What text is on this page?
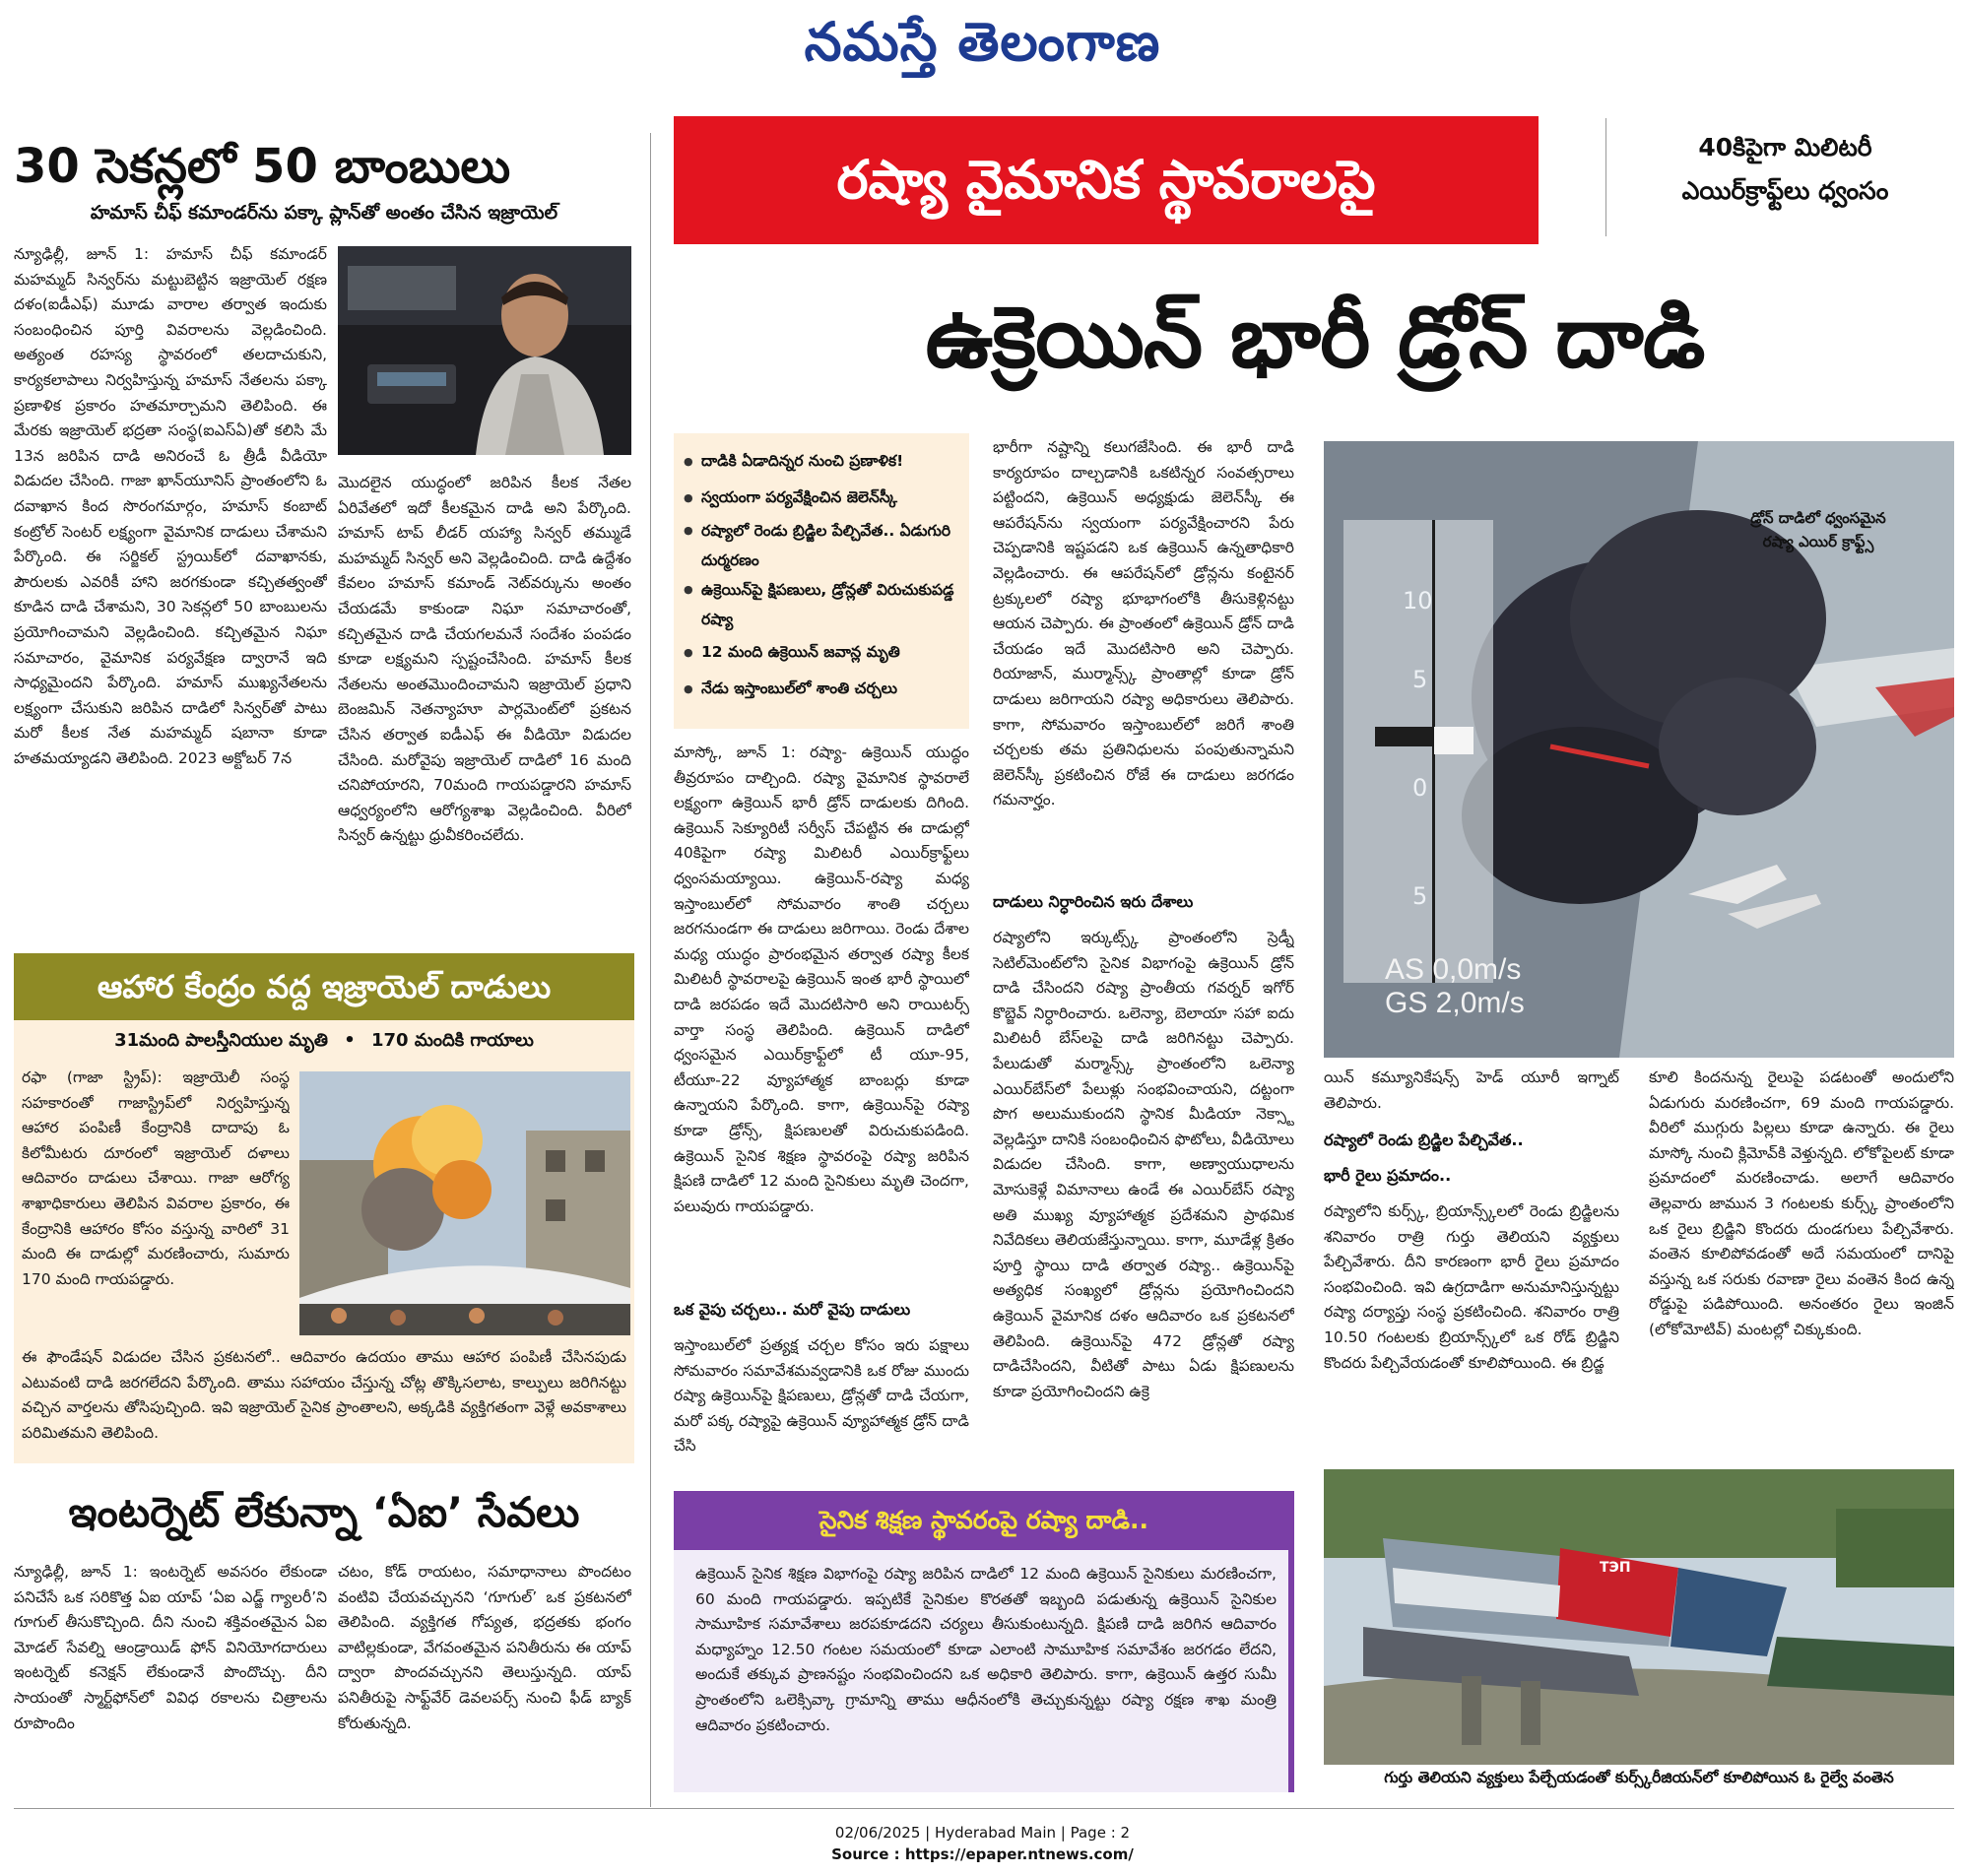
నమస్తే తెలంగాణ
30 సెకన్లలో 50 బాంబులు
హమాస్ చీఫ్ కమాండర్‌ను పక్కా ప్లాన్‌తో అంతం చేసిన ఇజ్రాయెల్
న్యూఢిల్లీ, జూన్ 1: హమాస్ చీఫ్ కమాండర్ మహమ్మద్ సిన్వర్‌ను మట్టుబెట్టిన ఇజ్రాయెల్ రక్షణ దళం(ఐడీఎఫ్) మూడు వారాల తర్వాత ఇందుకు సంబంధించిన పూర్తి వివరాలను వెల్లడించింది. అత్యంత రహస్య స్థావరంలో తలదాచుకుని, కార్యకలాపాలు నిర్వహిస్తున్న హమాస్ నేతలను పక్కా ప్రణాళిక ప్రకారం హతమార్చామని తెలిపింది. ఈ మేరకు ఇజ్రాయెల్ భద్రతా సంస్థ(ఐఎస్ఏ)తో కలిసి మే 13న జరిపిన దాడి అనిరంచే ఓ త్రీడీ వీడియో విడుదల చేసింది. గాజా ఖాన్‌యూనిస్ ప్రాంతంలోని ఓ దవాఖాన కింద సొరంగమార్గం, హమాస్ కంబాట్ కంట్రోల్ సెంటర్ లక్ష్యంగా వైమానిక దాడులు చేశామని పేర్కొంది. ఈ సర్జికల్ స్ట్రయిక్‌లో దవాఖానకు, పౌరులకు ఎవరికీ హాని జరగకుండా కచ్చితత్వంతో కూడిన దాడి చేశామని, 30 సెకన్లలో 50 బాంబులను ప్రయోగించామని వెల్లడించింది. కచ్చితమైన నిఘా సమాచారం, వైమానిక పర్యవేక్షణ ద్వారానే ఇది సాధ్యమైందని పేర్కొంది. హమాస్ ముఖ్యనేతలను లక్ష్యంగా చేసుకుని జరిపిన దాడిలో సిన్వర్‌తో పాటు మరో కీలక నేత మహమ్మద్ షబానా కూడా హతమయ్యాడని తెలిపింది. 2023 అక్టోబర్ 7న
మొదలైన యుద్ధంలో జరిపిన కీలక నేతల ఏరివేతలో ఇదో కీలకమైన దాడి అని పేర్కొంది. హమాస్ టాప్ లీడర్ యహ్యా సిన్వర్ తమ్ముడే మహమ్మద్ సిన్వర్ అని వెల్లడించింది. దాడి ఉద్దేశం కేవలం హమాస్ కమాండ్ నెట్‌వర్కును అంతం చేయడమే కాకుండా నిఘా సమాచారంతో, కచ్చితమైన దాడి చేయగలమనే సందేశం పంపడం కూడా లక్ష్యమని స్పష్టంచేసింది. హమాస్ కీలక నేతలను అంతమొందించామని ఇజ్రాయెల్ ప్రధాని బెంజమిన్ నెతన్యాహూ పార్లమెంట్‌లో ప్రకటన చేసిన తర్వాత ఐడీఎఫ్ ఈ వీడియో విడుదల చేసింది. మరోవైపు ఇజ్రాయెల్ దాడిలో 16 మంది చనిపోయారని, 70మంది గాయపడ్డారని హమాస్ ఆధ్వర్యంలోని ఆరోగ్యశాఖ వెల్లడించింది. వీరిలో సిన్వర్ ఉన్నట్టు ధ్రువీకరించలేదు.
ఆహార కేంద్రం వద్ద ఇజ్రాయెల్ దాడులు
31మంది పాలస్తీనియుల మృతి • 170 మందికి గాయాలు
రఫా (గాజా స్ట్రిప్): ఇజ్రాయెలీ సంస్థ సహకారంతో గాజాస్ట్రిప్‌లో నిర్వహిస్తున్న ఆహార పంపిణీ కేంద్రానికి దాదాపు ఓ కిలోమీటరు దూరంలో ఇజ్రాయెల్ దళాలు ఆదివారం దాడులు చేశాయి. గాజా ఆరోగ్య శాఖాధికారులు తెలిపిన వివరాల ప్రకారం, ఈ కేంద్రానికి ఆహారం కోసం వస్తున్న వారిలో 31 మంది ఈ దాడుల్లో మరణించారు, సుమారు 170 మంది గాయపడ్డారు.
ఈ ఫౌండేషన్ విడుదల చేసిన ప్రకటనలో.. ఆదివారం ఉదయం తాము ఆహార పంపిణీ చేసినపుడు ఎటువంటి దాడి జరగలేదని పేర్కొంది. తాము సహాయం చేస్తున్న చోట్ల తొక్కిసలాట, కాల్పులు జరిగినట్టు వచ్చిన వార్తలను తోసిపుచ్చింది. ఇవి ఇజ్రాయెల్ సైనిక ప్రాంతాలని, అక్కడికి వ్యక్తిగతంగా వెళ్లే అవకాశాలు పరిమితమని తెలిపింది.
ఇంటర్నెట్ లేకున్నా ‘ఏఐ’ సేవలు
న్యూఢిల్లీ, జూన్ 1: ఇంటర్నెట్ అవసరం లేకుండా పనిచేసే ఒక సరికొత్త ఏఐ యాప్ ‘ఏఐ ఎడ్జ్ గ్యాలరీ’ని గూగుల్ తీసుకొచ్చింది. దీని నుంచి శక్తివంతమైన ఏఐ మోడల్ సేవల్ని ఆండ్రాయిడ్ ఫోన్ వినియోగదారులు ఇంటర్నెట్ కనెక్షన్ లేకుండానే పొందొచ్చు. దీని సాయంతో స్మార్ట్‌ఫోన్‌లో వివిధ రకాలను చిత్రాలను రూపొందిం
చటం, కోడ్ రాయటం, సమాధానాలు పొందటం వంటివి చేయవచ్చునని ‘గూగుల్’ ఒక ప్రకటనలో తెలిపింది. వ్యక్తిగత గోప్యత, భద్రతకు భంగం వాటిల్లకుండా, వేగవంతమైన పనితీరును ఈ యాప్ ద్వారా పొందవచ్చునని తెలుస్తున్నది. యాప్ పనితీరుపై సాఫ్ట్‌వేర్ డెవలపర్స్ నుంచి ఫీడ్ బ్యాక్ కోరుతున్నది.
రష్యా వైమానిక స్థావరాలపై
40కిపైగా మిలిటరీ
ఎయిర్‌క్రాఫ్ట్‌లు ధ్వంసం
ఉక్రెయిన్ భారీ డ్రోన్ దాడి
● దాడికి ఏడాదిన్నర నుంచి ప్రణాళిక!
● స్వయంగా పర్యవేక్షించిన జెలెన్‌స్కీ
● రష్యాలో రెండు బ్రిడ్జిల పేల్చివేత.. ఏడుగురి దుర్మరణం
● ఉక్రెయిన్‌పై క్షిపణులు, డ్రోన్లతో విరుచుకుపడ్డ రష్యా
● 12 మంది ఉక్రెయిన్ జవాన్ల మృతి
● నేడు ఇస్తాంబుల్‌లో శాంతి చర్చలు
మాస్కో, జూన్ 1: రష్యా- ఉక్రెయిన్ యుద్ధం తీవ్రరూపం దాల్చింది. రష్యా వైమానిక స్థావరాలే లక్ష్యంగా ఉక్రెయిన్ భారీ డ్రోన్ దాడులకు దిగింది. ఉక్రెయిన్ సెక్యూరిటీ సర్వీస్ చేపట్టిన ఈ దాడుల్లో 40కిపైగా రష్యా మిలిటరీ ఎయిర్‌క్రాఫ్ట్‌లు ధ్వంసమయ్యాయి. ఉక్రెయిన్-రష్యా మధ్య ఇస్తాంబుల్‌లో సోమవారం శాంతి చర్చలు జరగనుండగా ఈ దాడులు జరిగాయి. రెండు దేశాల మధ్య యుద్ధం ప్రారంభమైన తర్వాత రష్యా కీలక మిలిటరీ స్థావరాలపై ఉక్రెయిన్ ఇంత భారీ స్థాయిలో దాడి జరపడం ఇదే మొదటిసారి అని రాయిటర్స్ వార్తా సంస్థ తెలిపింది. ఉక్రెయిన్ దాడిలో ధ్వంసమైన ఎయిర్‌క్రాఫ్ట్‌లో టీ యూ-95, టీయూ-22 వ్యూహాత్మక బాంబర్లు కూడా ఉన్నాయని పేర్కొంది. కాగా, ఉక్రెయిన్‌పై రష్యా కూడా డ్రోన్స్, క్షిపణులతో విరుచుకుపడింది. ఉక్రెయిన్ సైనిక శిక్షణ స్థావరంపై రష్యా జరిపిన క్షిపణి దాడిలో 12 మంది సైనికులు మృతి చెందగా, పలువురు గాయపడ్డారు.
ఒక వైపు చర్చలు.. మరో వైపు దాడులు
ఇస్తాంబుల్‌లో ప్రత్యక్ష చర్చల కోసం ఇరు పక్షాలు సోమవారం సమావేశమవ్వడానికి ఒక రోజు ముందు రష్యా ఉక్రెయిన్‌పై క్షిపణులు, డ్రోన్లతో దాడి చేయగా, మరో పక్క రష్యాపై ఉక్రెయిన్ వ్యూహాత్మక డ్రోన్ దాడి చేసి
భారీగా నష్టాన్ని కలుగజేసింది. ఈ భారీ దాడి కార్యరూపం దాల్చడానికి ఒకటిన్నర సంవత్సరాలు పట్టిందని, ఉక్రెయిన్ అధ్యక్షుడు జెలెన్‌స్కీ ఈ ఆపరేషన్‌ను స్వయంగా పర్యవేక్షించారని పేరు చెప్పడానికి ఇష్టపడని ఒక ఉక్రెయిన్ ఉన్నతాధికారి వెల్లడించారు. ఈ ఆపరేషన్‌లో డ్రోన్లను కంటైనర్ ట్రక్కులలో రష్యా భూభాగంలోకి తీసుకెళ్లినట్టు ఆయన చెప్పారు. ఈ ప్రాంతంలో ఉక్రెయిన్ డ్రోన్ దాడి చేయడం ఇదే మొదటిసారి అని చెప్పారు. రియాజాన్, ముర్మాన్స్క్ ప్రాంతాల్లో కూడా డ్రోన్ దాడులు జరిగాయని రష్యా అధికారులు తెలిపారు. కాగా, సోమవారం ఇస్తాంబుల్‌లో జరిగే శాంతి చర్చలకు తమ ప్రతినిధులను పంపుతున్నామని జెలెన్‌స్కీ ప్రకటించిన రోజే ఈ దాడులు జరగడం గమనార్హం.
దాడులు నిర్ధారించిన ఇరు దేశాలు
రష్యాలోని ఇర్కుట్స్క్ ప్రాంతంలోని స్రెడ్నీ సెటిల్‌మెంట్‌లోని సైనిక విభాగంపై ఉక్రెయిన్ డ్రోన్ దాడి చేసిందని రష్యా ప్రాంతీయ గవర్నర్ ఇగోర్ కొబ్జెవ్ నిర్ధారించారు. ఒలెన్యా, బెలాయా సహా ఐదు మిలిటరీ బేస్‌లపై దాడి జరిగినట్టు చెప్పారు. పేలుడుతో మర్మాన్స్క్ ప్రాంతంలోని ఒలెన్యా ఎయిర్‌బేస్‌లో పేలుళ్లు సంభవించాయని, దట్టంగా పొగ అలుముకుందని స్థానిక మీడియా నెక్స్టా వెల్లడిస్తూ దానికి సంబంధించిన ఫొటోలు, వీడియోలు విడుదల చేసింది. కాగా, అణ్వాయుధాలను మోసుకెళ్లే విమానాలు ఉండే ఈ ఎయిర్‌బేస్ రష్యా అతి ముఖ్య వ్యూహాత్మక ప్రదేశమని ప్రాథమిక నివేదికలు తెలియజేస్తున్నాయి. కాగా, మూడేళ్ల క్రితం పూర్తి స్థాయి దాడి తర్వాత రష్యా.. ఉక్రెయిన్‌పై అత్యధిక సంఖ్యలో డ్రోన్లను ప్రయోగించిందని ఉక్రెయిన్ వైమానిక దళం ఆదివారం ఒక ప్రకటనలో తెలిపింది. ఉక్రెయిన్‌పై 472 డ్రోన్లతో రష్యా దాడిచేసిందని, వీటితో పాటు ఏడు క్షిపణులను కూడా ప్రయోగించిందని ఉక్రె
10
5
0
5
డ్రోన్ దాడిలో ధ్వంసమైన
రష్యా ఎయిర్ క్రాఫ్ట్స్
AS 0,0m/s
GS 2,0m/s
యిన్ కమ్యూనికేషన్స్ హెడ్ యూరీ ఇగ్నాట్ తెలిపారు.
రష్యాలో రెండు బ్రిడ్జిల పేల్చివేత..
భారీ రైలు ప్రమాదం..
రష్యాలోని కుర్స్క్, బ్రియాన్స్క్‌లలో రెండు బ్రిడ్జిలను శనివారం రాత్రి గుర్తు తెలియని వ్యక్తులు పేల్చివేశారు. దీని కారణంగా భారీ రైలు ప్రమాదం సంభవించింది. ఇవి ఉగ్రదాడిగా అనుమానిస్తున్నట్టు రష్యా దర్యాప్తు సంస్థ ప్రకటించింది. శనివారం రాత్రి 10.50 గంటలకు బ్రియాన్స్క్‌లో ఒక రోడ్ బ్రిడ్జిని కొందరు పేల్చివేయడంతో కూలిపోయింది. ఈ బ్రిడ్జ
కూలి కిందనున్న రైలుపై పడటంతో అందులోని ఏడుగురు మరణించగా, 69 మంది గాయపడ్డారు. వీరిలో ముగ్గురు పిల్లలు కూడా ఉన్నారు. ఈ రైలు మాస్కో నుంచి క్లిమోవ్‌కి వెళ్తున్నది. లోకోపైలట్ కూడా ప్రమాదంలో మరణించాడు. అలాగే ఆదివారం తెల్లవారు జామున 3 గంటలకు కుర్స్క్ ప్రాంతంలోని ఒక రైలు బ్రిడ్జిని కొందరు దుండగులు పేల్చివేశారు. వంతెన కూలిపోవడంతో అదే సమయంలో దానిపై వస్తున్న ఒక సరుకు రవాణా రైలు వంతెన కింద ఉన్న రోడ్డుపై పడిపోయింది. అనంతరం రైలు ఇంజిన్ (లోకోమోటివ్) మంటల్లో చిక్కుకుంది.
సైనిక శిక్షణ స్థావరంపై రష్యా దాడి..
ఉక్రెయిన్ సైనిక శిక్షణ విభాగంపై రష్యా జరిపిన దాడిలో 12 మంది ఉక్రెయిన్ సైనికులు మరణించగా, 60 మంది గాయపడ్డారు. ఇప్పటికే సైనికుల కొరతతో ఇబ్బంది పడుతున్న ఉక్రెయిన్ సైనికుల సామూహిక సమావేశాలు జరపకూడదని చర్యలు తీసుకుంటున్నది. క్షిపణి దాడి జరిగిన ఆదివారం మధ్యాహ్నం 12.50 గంటల సమయంలో కూడా ఎలాంటి సామూహిక సమావేశం జరగడం లేదని, అందుకే తక్కువ ప్రాణనష్టం సంభవించిందని ఒక అధికారి తెలిపారు. కాగా, ఉక్రెయిన్ ఉత్తర సుమీ ప్రాంతంలోని ఒలెక్సివ్కా గ్రామాన్ని తాము ఆధీనంలోకి తెచ్చుకున్నట్టు రష్యా రక్షణ శాఖ మంత్రి ఆదివారం ప్రకటించారు.
ТЭП
గుర్తు తెలియని వ్యక్తులు పేల్చేయడంతో కుర్స్క్‌రీజియన్‌లో కూలిపోయిన ఓ రైల్వే వంతెన
02/06/2025 | Hyderabad Main | Page : 2
Source : https://epaper.ntnews.com/
